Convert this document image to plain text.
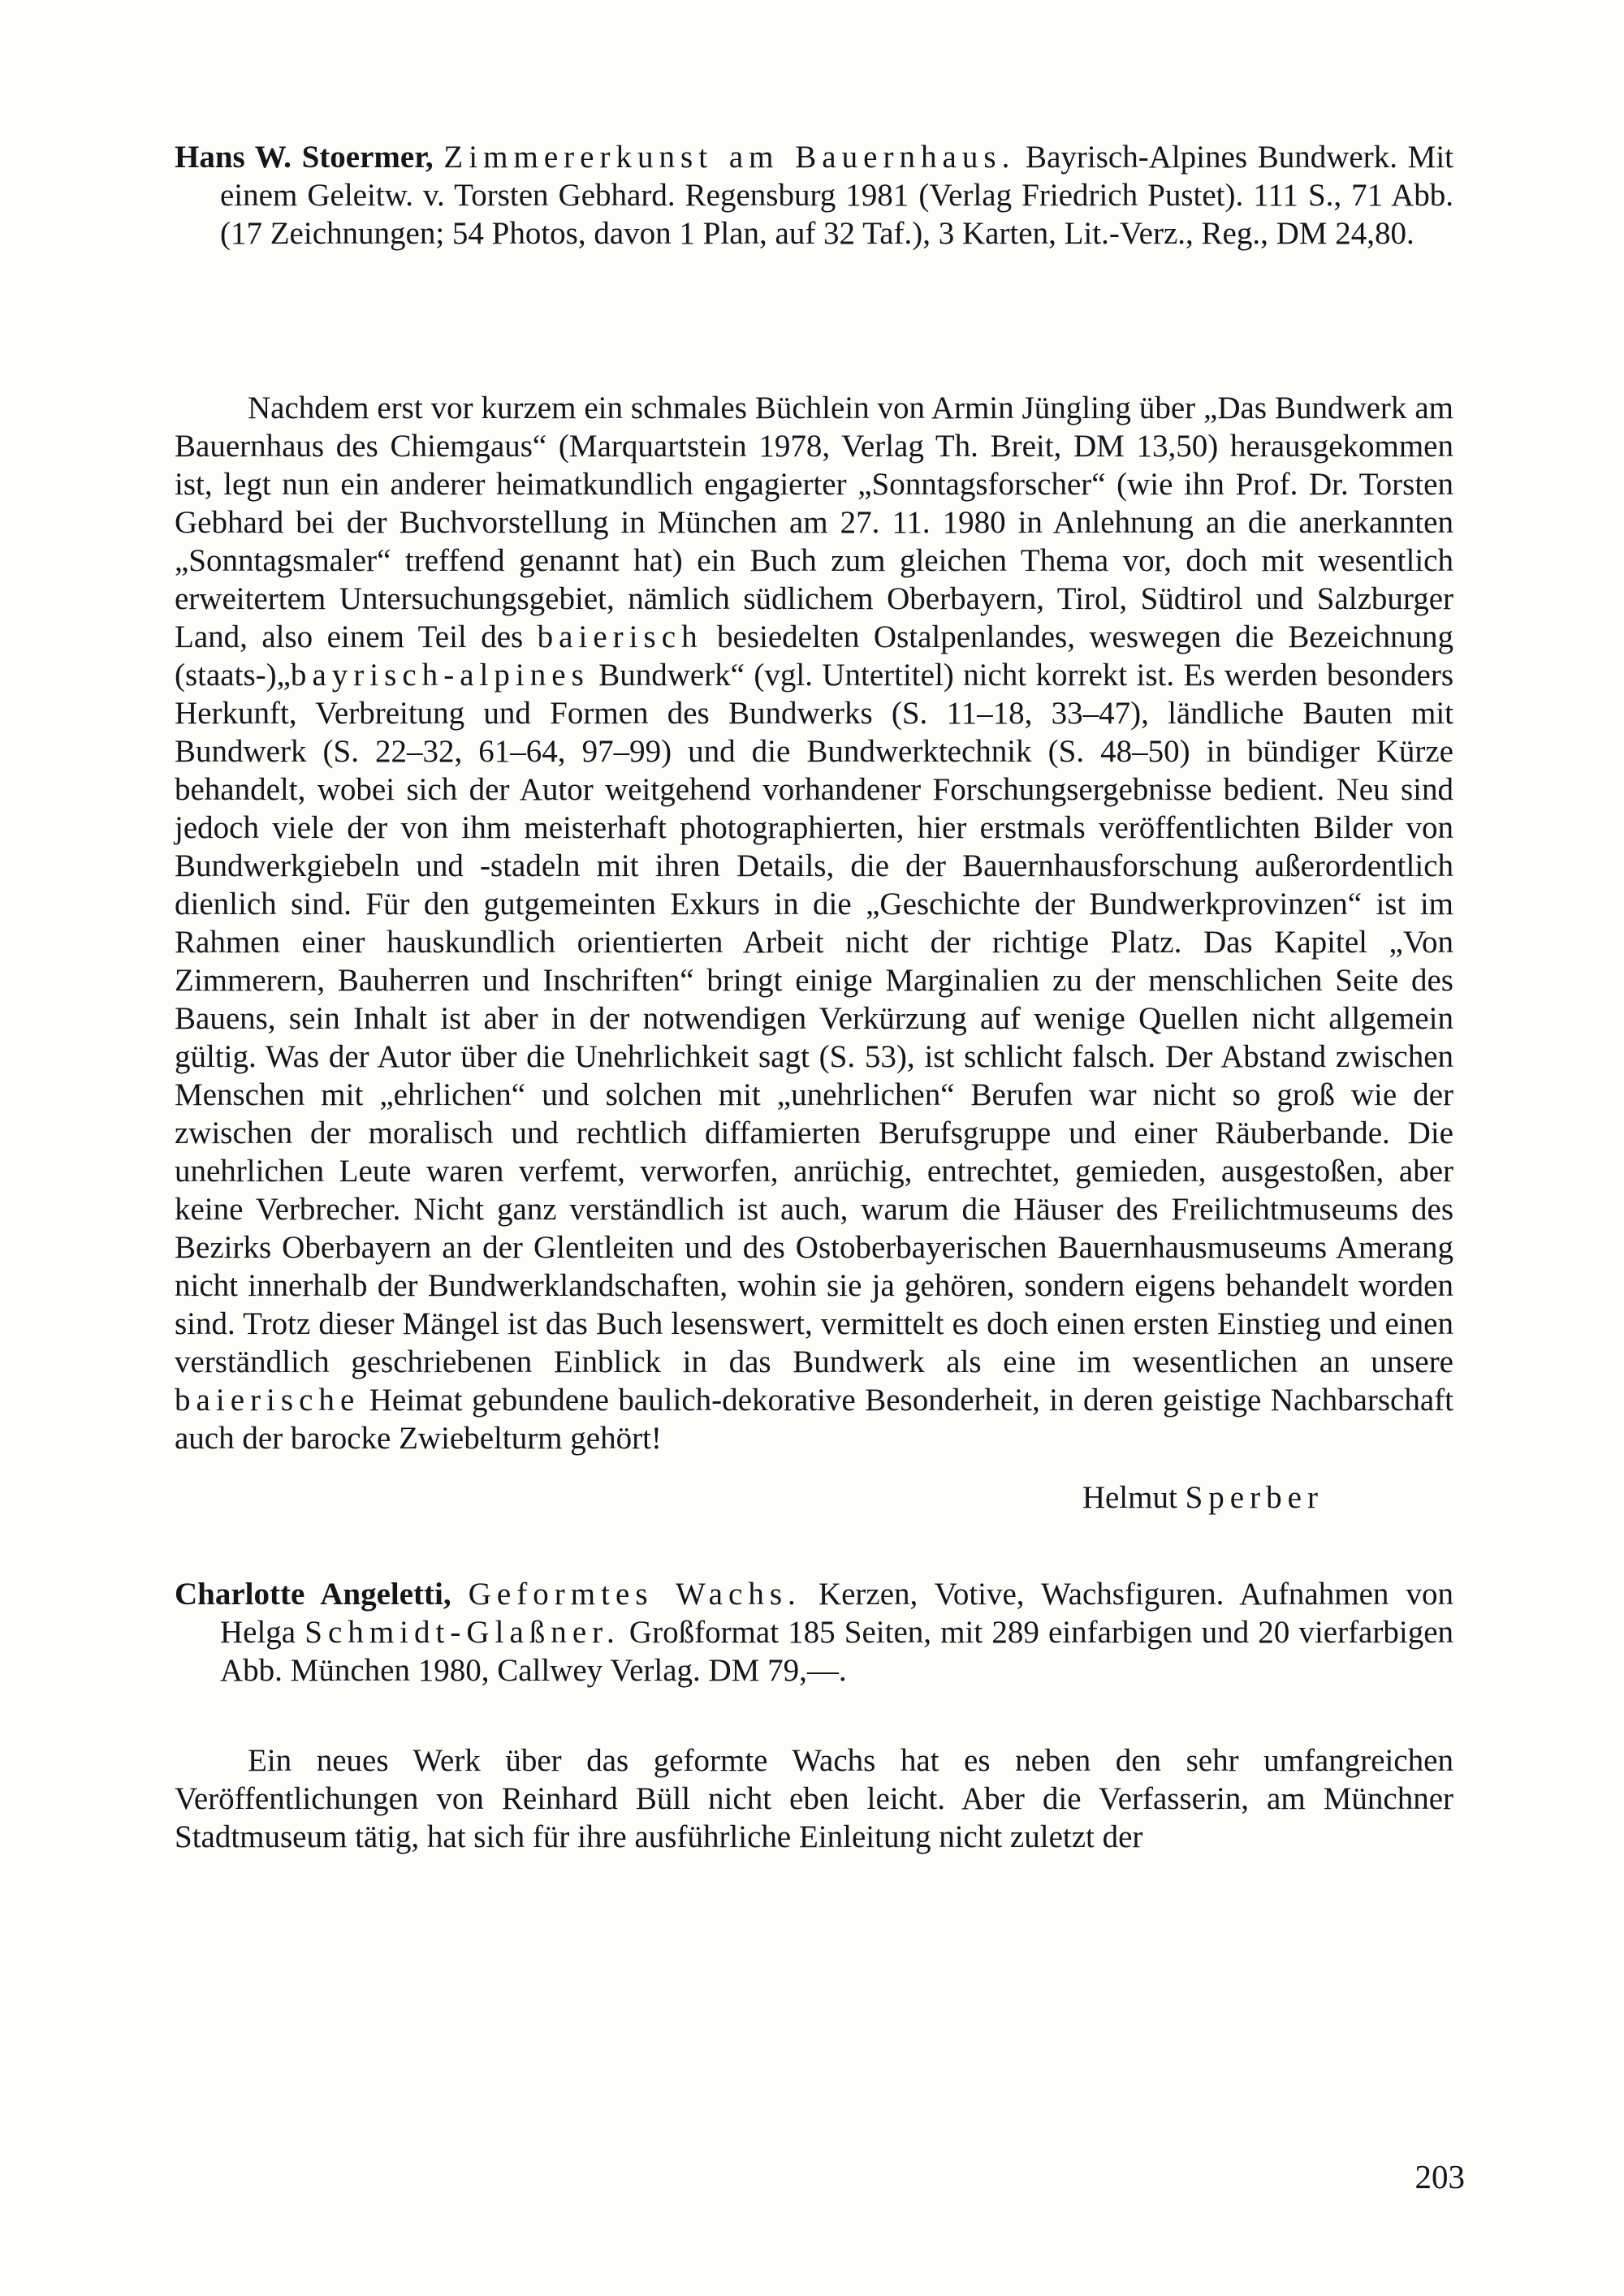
Hans W. Stoermer, Zimmererkunst am Bauernhaus. Bayrisch-Alpines Bundwerk. Mit einem Geleitw. v. Torsten Gebhard. Regensburg 1981 (Verlag Friedrich Pustet). 111 S., 71 Abb. (17 Zeichnungen; 54 Photos, davon 1 Plan, auf 32 Taf.), 3 Karten, Lit.-Verz., Reg., DM 24,80.

Nachdem erst vor kurzem ein schmales Büchlein von Armin Jüngling über „Das Bundwerk am Bauernhaus des Chiemgaus“ (Marquartstein 1978, Verlag Th. Breit, DM 13,50) herausgekommen ist, legt nun ein anderer heimatkundlich engagierter „Sonntagsforscher“ (wie ihn Prof. Dr. Torsten Gebhard bei der Buchvorstellung in München am 27. 11. 1980 in Anlehnung an die anerkannten „Sonntagsmaler“ treffend genannt hat) ein Buch zum gleichen Thema vor, doch mit wesentlich erweitertem Untersuchungsgebiet, nämlich südlichem Oberbayern, Tirol, Südtirol und Salzburger Land, also einem Teil des baierisch besiedelten Ostalpenlandes, weswegen die Bezeichnung (staats-)„bayrisch-alpines Bundwerk“ (vgl. Untertitel) nicht korrekt ist. Es werden besonders Herkunft, Verbreitung und Formen des Bundwerks (S. 11–18, 33–47), ländliche Bauten mit Bundwerk (S. 22–32, 61–64, 97–99) und die Bundwerktechnik (S. 48–50) in bündiger Kürze behandelt, wobei sich der Autor weitgehend vorhandener Forschungsergebnisse bedient. Neu sind jedoch viele der von ihm meisterhaft photographierten, hier erstmals veröffentlichten Bilder von Bundwerkgiebeln und -stadeln mit ihren Details, die der Bauernhausforschung außerordentlich dienlich sind. Für den gutgemeinten Exkurs in die „Geschichte der Bundwerkprovinzen“ ist im Rahmen einer hauskundlich orientierten Arbeit nicht der richtige Platz. Das Kapitel „Von Zimmerern, Bauherren und Inschriften“ bringt einige Marginalien zu der menschlichen Seite des Bauens, sein Inhalt ist aber in der notwendigen Verkürzung auf wenige Quellen nicht allgemein gültig. Was der Autor über die Unehrlichkeit sagt (S. 53), ist schlicht falsch. Der Abstand zwischen Menschen mit „ehrlichen“ und solchen mit „unehrlichen“ Berufen war nicht so groß wie der zwischen der moralisch und rechtlich diffamierten Berufsgruppe und einer Räuberbande. Die unehrlichen Leute waren verfemt, verworfen, anrüchig, entrechtet, gemieden, ausgestoßen, aber keine Verbrecher. Nicht ganz verständlich ist auch, warum die Häuser des Freilichtmuseums des Bezirks Oberbayern an der Glentleiten und des Ostoberbayerischen Bauernhausmuseums Amerang nicht innerhalb der Bundwerklandschaften, wohin sie ja gehören, sondern eigens behandelt worden sind. Trotz dieser Mängel ist das Buch lesenswert, vermittelt es doch einen ersten Einstieg und einen verständlich geschriebenen Einblick in das Bundwerk als eine im wesentlichen an unsere baierische Heimat gebundene baulich-dekorative Besonderheit, in deren geistige Nachbarschaft auch der barocke Zwiebelturm gehört!

Helmut Sperber

Charlotte Angeletti, Geformtes Wachs. Kerzen, Votive, Wachsfiguren. Aufnahmen von Helga Schmidt-Glaßner. Großformat 185 Seiten, mit 289 einfarbigen und 20 vierfarbigen Abb. München 1980, Callwey Verlag. DM 79,—.

Ein neues Werk über das geformte Wachs hat es neben den sehr umfangreichen Veröffentlichungen von Reinhard Büll nicht eben leicht. Aber die Verfasserin, am Münchner Stadtmuseum tätig, hat sich für ihre ausführliche Einleitung nicht zuletzt der

203
